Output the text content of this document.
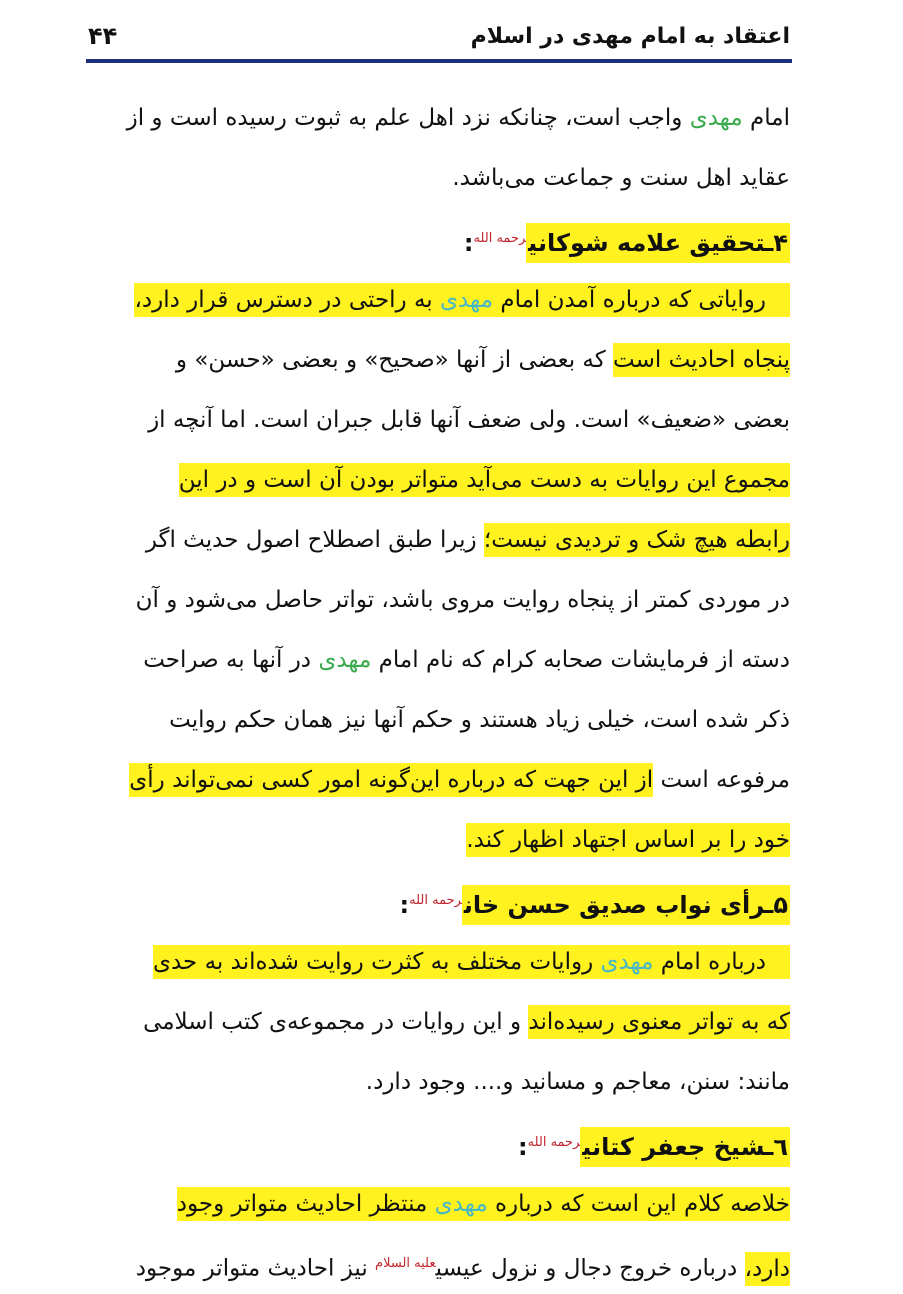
اعتقاد به امام مهدی در اسلام
۴۴
امام مهدی واجب است، چنانکه نزد اهل علم به ثبوت رسیده است و از
عقاید اهل سنت و جماعت می‌باشد.
۴ـتحقیق علامه شوکانی$^{رحمه الله}$:
روایاتی که درباره آمدن امام مهدی به راحتی در دسترس قرار دارد،
پنجاه احادیث است که بعضی از آنها «صحیح» و بعضی «حسن» و
بعضی «ضعیف» است. ولی ضعف آنها قابل جبران است. اما آنچه از
مجموع این روایات به دست می‌آید متواتر بودن آن است و در این
رابطه هیچ شک و تردیدی نیست؛ زیرا طبق اصطلاح اصول حدیث اگر
در موردی کمتر از پنجاه روایت مروی باشد، تواتر حاصل می‌شود و آن
دسته از فرمایشات صحابه کرام که نام امام مهدی در آنها به صراحت
ذکر شده است، خیلی زیاد هستند و حکم آنها نیز همان حکم روایت
مرفوعه است از این جهت که درباره این‌گونه امور کسی نمی‌تواند رأی
خود را بر اساس اجتهاد اظهار کند.
۵ـرأی نواب صدیق حسن خان$^{رحمه الله}$:
درباره امام مهدی روایات مختلف به کثرت روایت شده‌اند به حدی
که به تواتر معنوی رسیده‌اند و این روایات در مجموعه‌ی کتب اسلامی
مانند: سنن، معاجم و مسانید و.... وجود دارد.
٦ـشیخ جعفر کتانی$^{رحمه الله}$:
خلاصه کلام این است که درباره مهدی منتظر احادیث متواتر وجود
دارد، درباره خروج دجال و نزول عیسی$^{علیه السلام}$ نیز احادیث متواتر موجود
